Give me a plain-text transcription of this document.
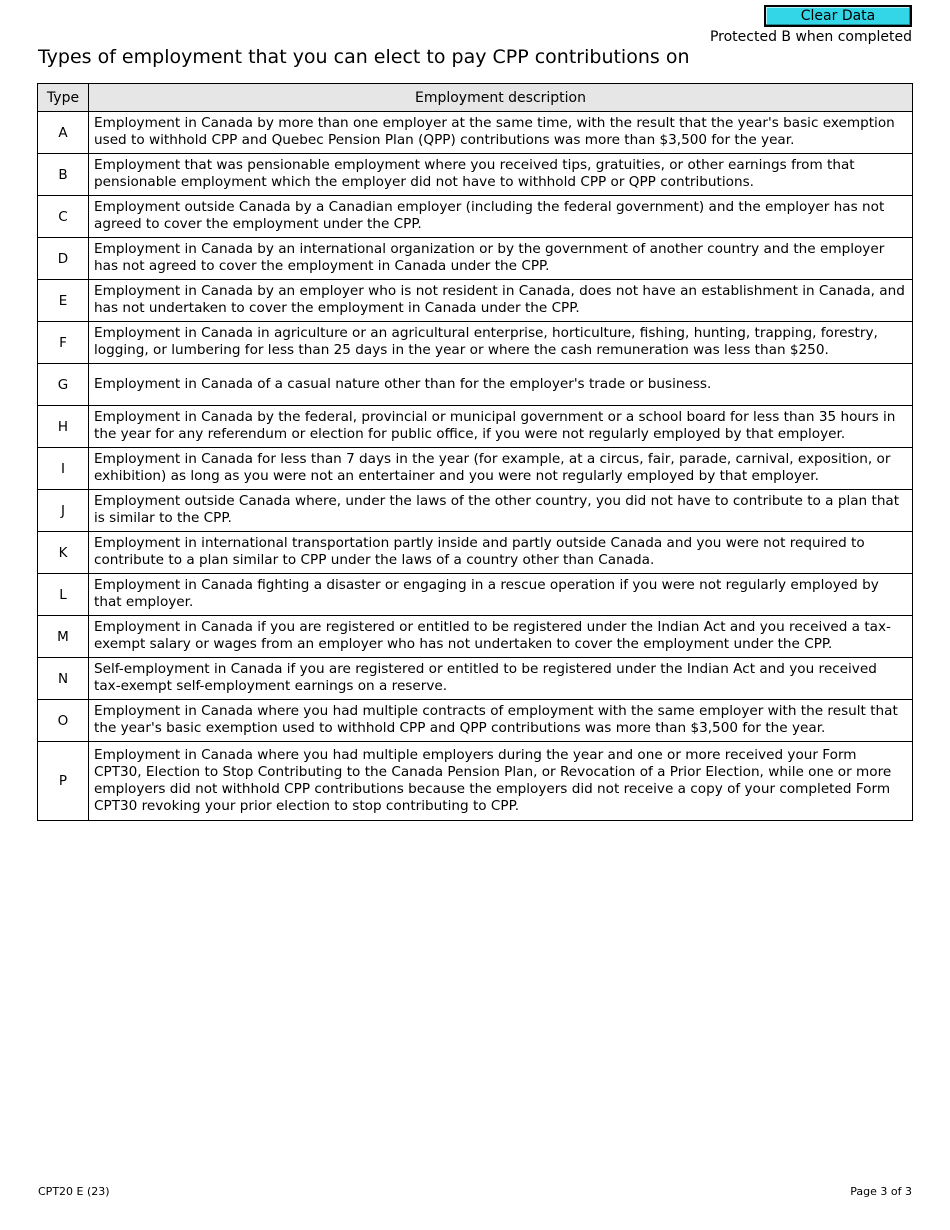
Clear Data
Protected B when completed
Types of employment that you can elect to pay CPP contributions on
Type	Employment description
A	Employment in Canada by more than one employer at the same time, with the result that the year's basic exemption used to withhold CPP and Quebec Pension Plan (QPP) contributions was more than $3,500 for the year.
B	Employment that was pensionable employment where you received tips, gratuities, or other earnings from that pensionable employment which the employer did not have to withhold CPP or QPP contributions.
C	Employment outside Canada by a Canadian employer (including the federal government) and the employer has not agreed to cover the employment under the CPP.
D	Employment in Canada by an international organization or by the government of another country and the employer has not agreed to cover the employment in Canada under the CPP.
E	Employment in Canada by an employer who is not resident in Canada, does not have an establishment in Canada, and has not undertaken to cover the employment in Canada under the CPP.
F	Employment in Canada in agriculture or an agricultural enterprise, horticulture, fishing, hunting, trapping, forestry, logging, or lumbering for less than 25 days in the year or where the cash remuneration was less than $250.
G	Employment in Canada of a casual nature other than for the employer's trade or business.
H	Employment in Canada by the federal, provincial or municipal government or a school board for less than 35 hours in the year for any referendum or election for public office, if you were not regularly employed by that employer.
I	Employment in Canada for less than 7 days in the year (for example, at a circus, fair, parade, carnival, exposition, or exhibition) as long as you were not an entertainer and you were not regularly employed by that employer.
J	Employment outside Canada where, under the laws of the other country, you did not have to contribute to a plan that is similar to the CPP.
K	Employment in international transportation partly inside and partly outside Canada and you were not required to contribute to a plan similar to CPP under the laws of a country other than Canada.
L	Employment in Canada fighting a disaster or engaging in a rescue operation if you were not regularly employed by that employer.
M	Employment in Canada if you are registered or entitled to be registered under the Indian Act and you received a tax-exempt salary or wages from an employer who has not undertaken to cover the employment under the CPP.
N	Self-employment in Canada if you are registered or entitled to be registered under the Indian Act and you received tax-exempt self-employment earnings on a reserve.
O	Employment in Canada where you had multiple contracts of employment with the same employer with the result that the year's basic exemption used to withhold CPP and QPP contributions was more than $3,500 for the year.
P	Employment in Canada where you had multiple employers during the year and one or more received your Form CPT30, Election to Stop Contributing to the Canada Pension Plan, or Revocation of a Prior Election, while one or more employers did not withhold CPP contributions because the employers did not receive a copy of your completed Form CPT30 revoking your prior election to stop contributing to CPP.
CPT20 E (23)	Page 3 of 3
